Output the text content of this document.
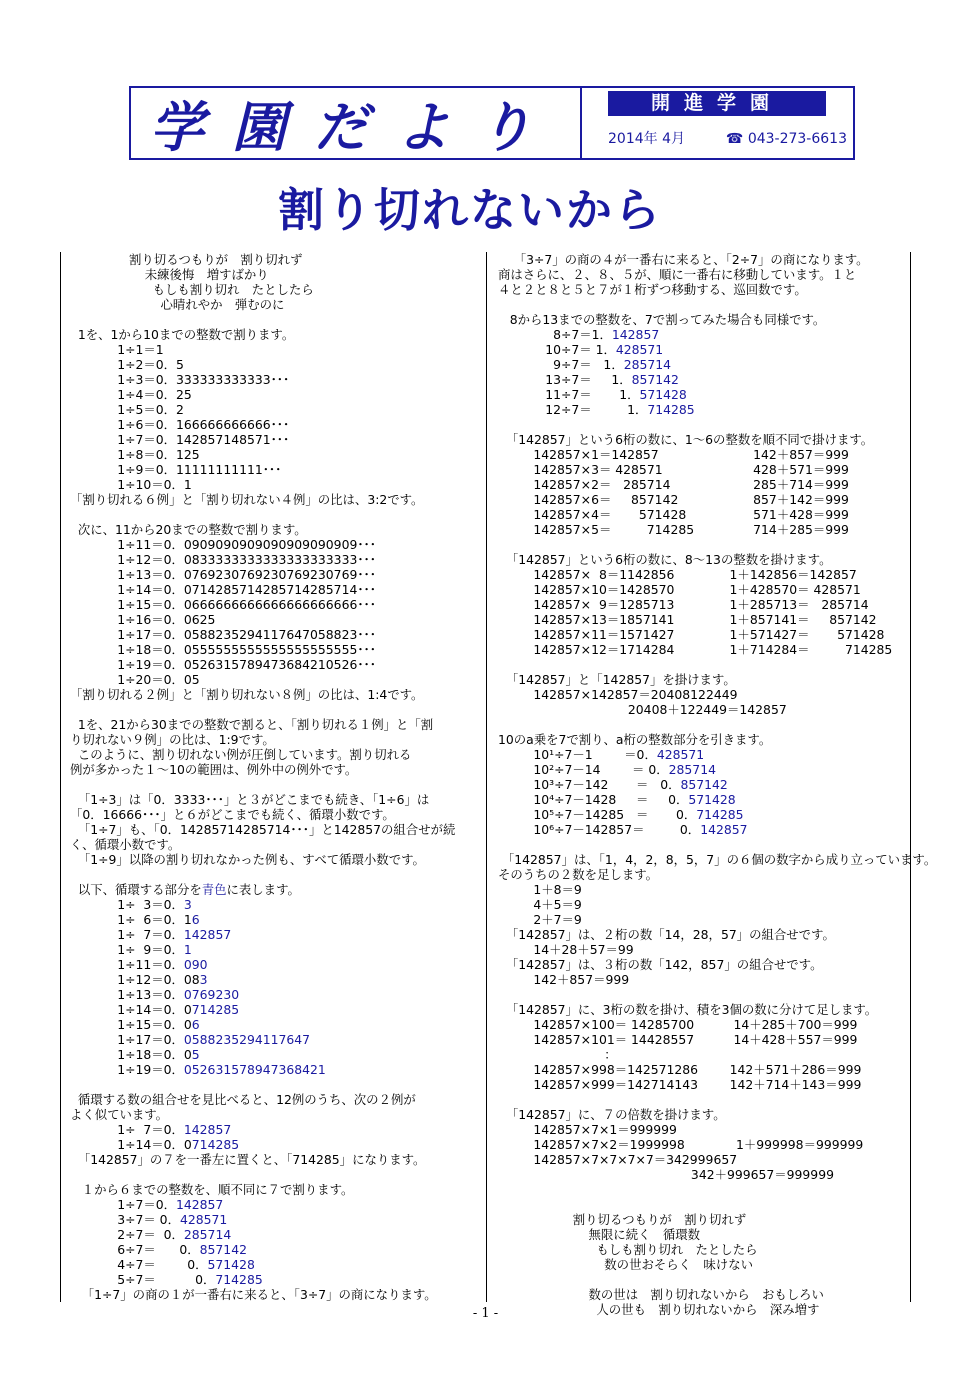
学園だより	開進学園
2014年 4月	☎ 043-273-6613
割り切れないから
割り切るつもりが　割り切れず
未練後悔　増すばかり
もしも割り切れ　たとしたら
心晴れやか　弾むのに
1を、1から10までの整数で割ります。
1÷1＝1
1÷2＝0．5
1÷3＝0．333333333333･･･
1÷4＝0．25
1÷5＝0．2
1÷6＝0．166666666666･･･
1÷7＝0．142857148571･･･
1÷8＝0．125
1÷9＝0．11111111111･･･
1÷10＝0．1
「割り切れる６例」と「割り切れない４例」の比は、3:2です。
次に、11から20までの整数で割ります。
1÷11＝0．0909090909090909090909･･･
1÷12＝0．0833333333333333333333･･･
1÷13＝0．0769230769230769230769･･･
1÷14＝0．0714285714285714285714･･･
1÷15＝0．0666666666666666666666･･･
1÷16＝0．0625
1÷17＝0．0588235294117647058823･･･
1÷18＝0．0555555555555555555555･･･
1÷19＝0．0526315789473684210526･･･
1÷20＝0．05
「割り切れる２例」と「割り切れない８例」の比は、1:4です。
1を、21から30までの整数で割ると、「割り切れる１例」と「割
り切れない９例」の比は、1:9です。
このように、割り切れない例が圧倒しています。割り切れる
例が多かった１～10の範囲は、例外中の例外です。
「1÷3」は「0．3333･･･」と３がどこまでも続き、「1÷6」は
「0．16666･･･」と６がどこまでも続く、循環小数です。
「1÷7」も、「0．14285714285714･･･」と142857の組合せが続
く、循環小数です。
「1÷9」以降の割り切れなかった例も、すべて循環小数です。
以下、循環する部分を青色に表します。
1÷  3＝0．3
1÷  6＝0．16
1÷  7＝0．142857
1÷  9＝0．1
1÷11＝0．090
1÷12＝0．083
1÷13＝0．0769230
1÷14＝0．0714285
1÷15＝0．06
1÷17＝0．0588235294117647
1÷18＝0．05
1÷19＝0．052631578947368421
循環する数の組合せを見比べると、12例のうち、次の２例が
よく似ています。
1÷  7＝0．142857
1÷14＝0．0714285
「142857」の７を一番左に置くと、「714285」になります。
１から６までの整数を、順不同に７で割ります。
1÷7＝0．142857
3÷7＝ 0．428571
2÷7＝  0．285714
6÷7＝      0．857142
4÷7＝        0．571428
5÷7＝          0．714285
「1÷7」の商の１が一番右に来ると、「3÷7」の商になります。
「3÷7」の商の４が一番右に来ると、「2÷7」の商になります。
商はさらに、２、８、５が、順に一番右に移動しています。１と
４と２と８と５と７が１桁ずつ移動する、巡回数です。
8から13までの整数を、7で割ってみた場合も同様です。
8÷7＝1．142857
10÷7＝ 1．428571
9÷7＝   1．285714
13÷7＝     1．857142
11÷7＝       1．571428
12÷7＝         1．714285
「142857」という6桁の数に、1～6の整数を順不同で掛けます。
142857×1＝142857                        142＋857＝999
142857×3＝ 428571                       428＋571＝999
142857×2＝   285714                     285＋714＝999
142857×6＝     857142                   857＋142＝999
142857×4＝       571428                 571＋428＝999
142857×5＝         714285               714＋285＝999
「142857」という6桁の数に、8～13の整数を掛けます。
142857×  8＝1142856              1＋142856＝142857
142857×10＝1428570              1＋428570＝ 428571
142857×  9＝1285713              1＋285713＝   285714
142857×13＝1857141              1＋857141＝     857142
142857×11＝1571427              1＋571427＝       571428
142857×12＝1714284              1＋714284＝         714285
「142857」と「142857」を掛けます。
142857×142857＝20408122449
20408＋122449＝142857
10のa乗を7で割り、a桁の整数部分を引きます。
10¹÷7－1        ＝0．428571
10²÷7－14        ＝ 0．285714
10³÷7－142       ＝   0．857142
10⁴÷7－1428     ＝     0．571428
10⁵÷7－14285   ＝       0．714285
10⁶÷7－142857＝         0．142857
「142857」は、「1，4，2，8，5，7」の６個の数字から成り立っています。
そのうちの２数を足します。
1＋8＝9
4＋5＝9
2＋7＝9
「142857」は、２桁の数「14，28，57」の組合せです。
14＋28＋57＝99
「142857」は、３桁の数「142，857」の組合せです。
142＋857＝999
「142857」に、3桁の数を掛け、積を3個の数に分けて足します。
142857×100＝ 14285700          14＋285＋700＝999
142857×101＝ 14428557          14＋428＋557＝999
：
142857×998＝142571286        142＋571＋286＝999
142857×999＝142714143        142＋714＋143＝999
「142857」に、７の倍数を掛けます。
142857×7×1＝999999
142857×7×2＝1999998             1＋999998＝999999
142857×7×7×7×7＝342999657
342＋999657＝999999
割り切るつもりが　割り切れず
無限に続く　循環数
もしも割り切れ　たとしたら
数の世おそらく　味けない
数の世は　割り切れないから　おもしろい
人の世も　割り切れないから　深み増す
- 1 -
